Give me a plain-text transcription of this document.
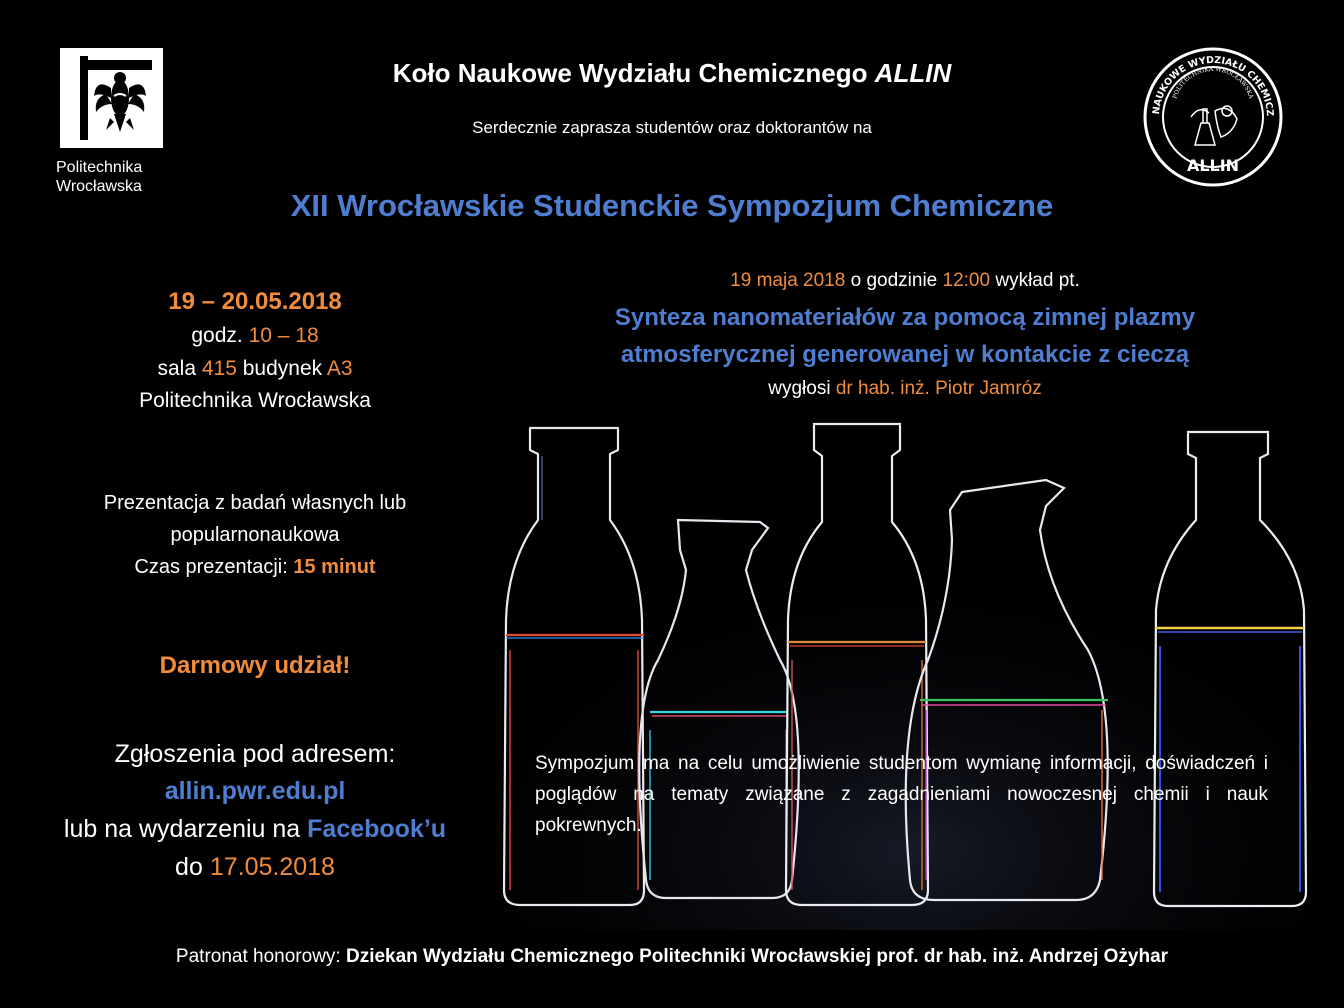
Politechnika
Wrocławska
NAUKOWE WYDZIAŁU CHEMICZ
POLITECHNIKA WROCŁAWSKA
ALLIN
Koło Naukowe Wydziału Chemicznego ALLIN
Serdecznie zaprasza studentów oraz doktorantów na
XII Wrocławskie Studenckie Sympozjum Chemiczne
19 – 20.05.2018
godz. 10 – 18
sala 415 budynek A3
Politechnika Wrocławska
Prezentacja z badań własnych lub
popularnonaukowa
Czas prezentacji: 15 minut
Darmowy udział!
Zgłoszenia pod adresem:
allin.pwr.edu.pl
lub na wydarzeniu na Facebook’u
do 17.05.2018
19 maja 2018 o godzinie 12:00 wykład pt.
Synteza nanomateriałów za pomocą zimnej plazmy
atmosferycznej generowanej w kontakcie z cieczą
wygłosi dr hab. inż. Piotr Jamróz
Sympozjum ma na celu umożliwienie studentom wymianę informacji, doświadczeń i poglądów na tematy związane z zagadnieniami nowoczesnej chemii i nauk pokrewnych.
Patronat honorowy: Dziekan Wydziału Chemicznego Politechniki Wrocławskiej prof. dr hab. inż. Andrzej Ożyhar
